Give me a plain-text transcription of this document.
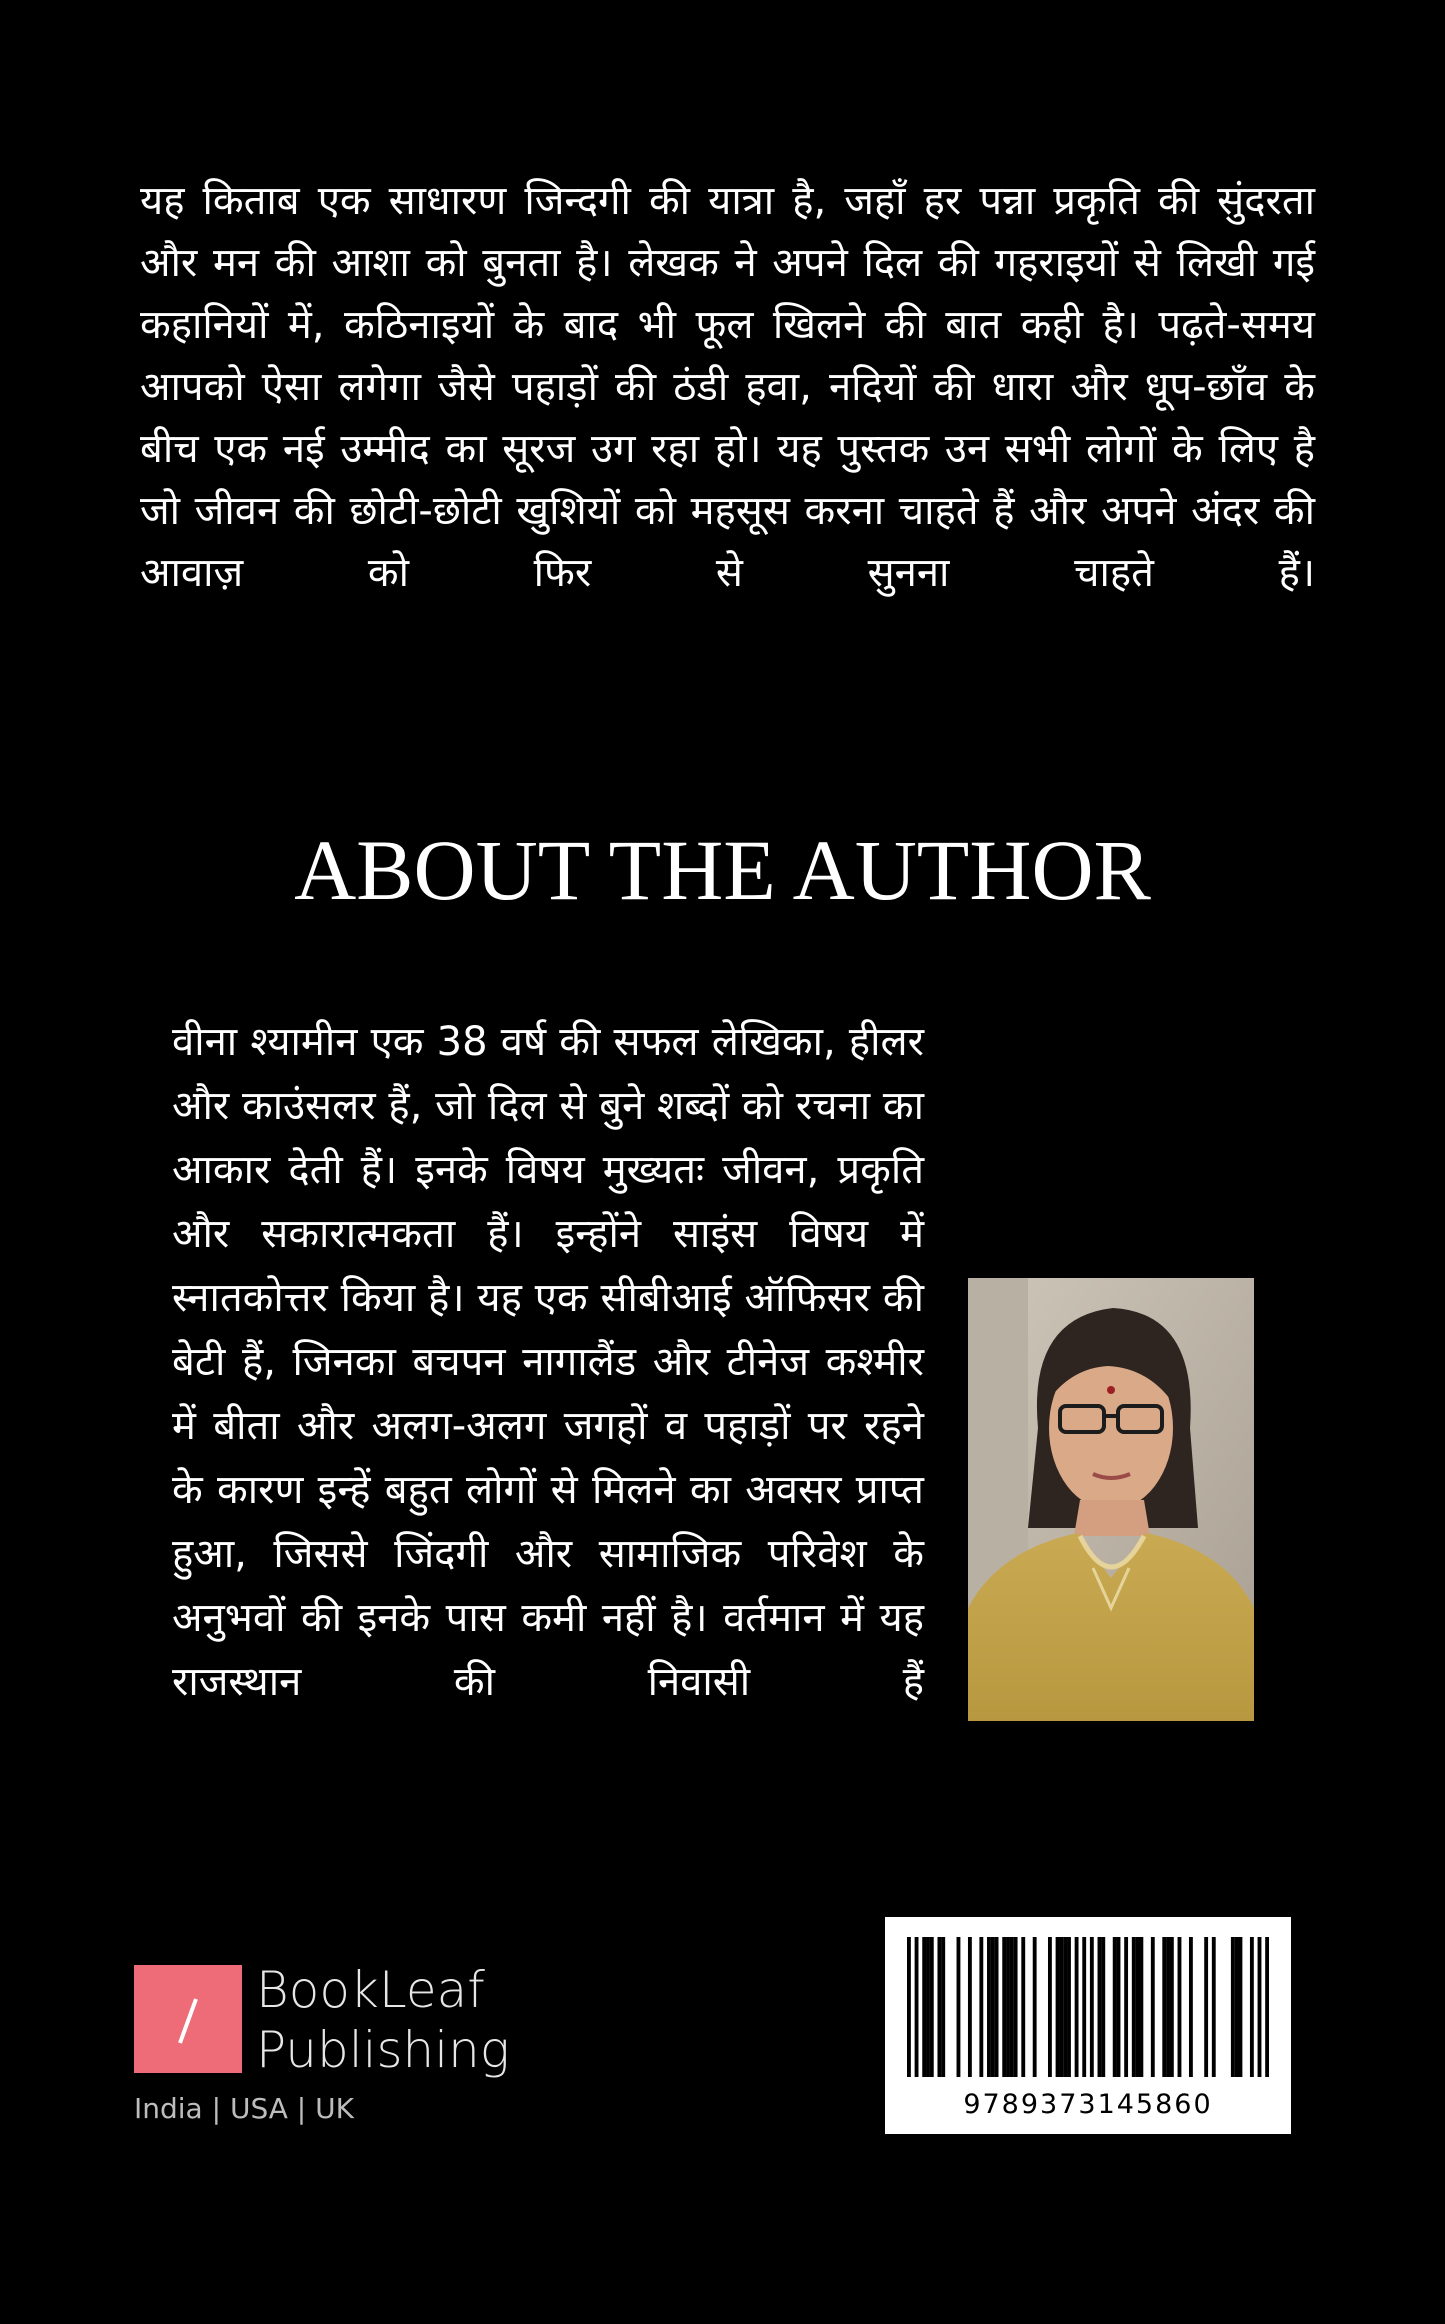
यह किताब एक साधारण जिन्दगी की यात्रा है, जहाँ हर पन्ना प्रकृति की सुंदरता और मन की आशा को बुनता है। लेखक ने अपने दिल की गहराइयों से लिखी गई कहानियों में, कठिनाइयों के बाद भी फूल खिलने की बात कही है। पढ़ते-समय आपको ऐसा लगेगा जैसे पहाड़ों की ठंडी हवा, नदियों की धारा और धूप-छाँव के बीच एक नई उम्मीद का सूरज उग रहा हो। यह पुस्तक उन सभी लोगों के लिए है जो जीवन की छोटी-छोटी खुशियों को महसूस करना चाहते हैं और अपने अंदर की आवाज़ को फिर से सुनना चाहते हैं।

ABOUT THE AUTHOR

वीना श्यामीन एक 38 वर्ष की सफल लेखिका, हीलर और काउंसलर हैं, जो दिल से बुने शब्दों को रचना का आकार देती हैं। इनके विषय मुख्यतः जीवन, प्रकृति और सकारात्मकता हैं। इन्होंने साइंस विषय में स्नातकोत्तर किया है। यह एक सीबीआई ऑफिसर की बेटी हैं, जिनका बचपन नागालैंड और टीनेज कश्मीर में बीता और अलग-अलग जगहों व पहाड़ों पर रहने के कारण इन्हें बहुत लोगों से मिलने का अवसर प्राप्त हुआ, जिससे जिंदगी और सामाजिक परिवेश के अनुभवों की इनके पास कमी नहीं है। वर्तमान में यह राजस्थान की निवासी हैं

BookLeaf
Publishing
India | USA | UK	9789373145860
